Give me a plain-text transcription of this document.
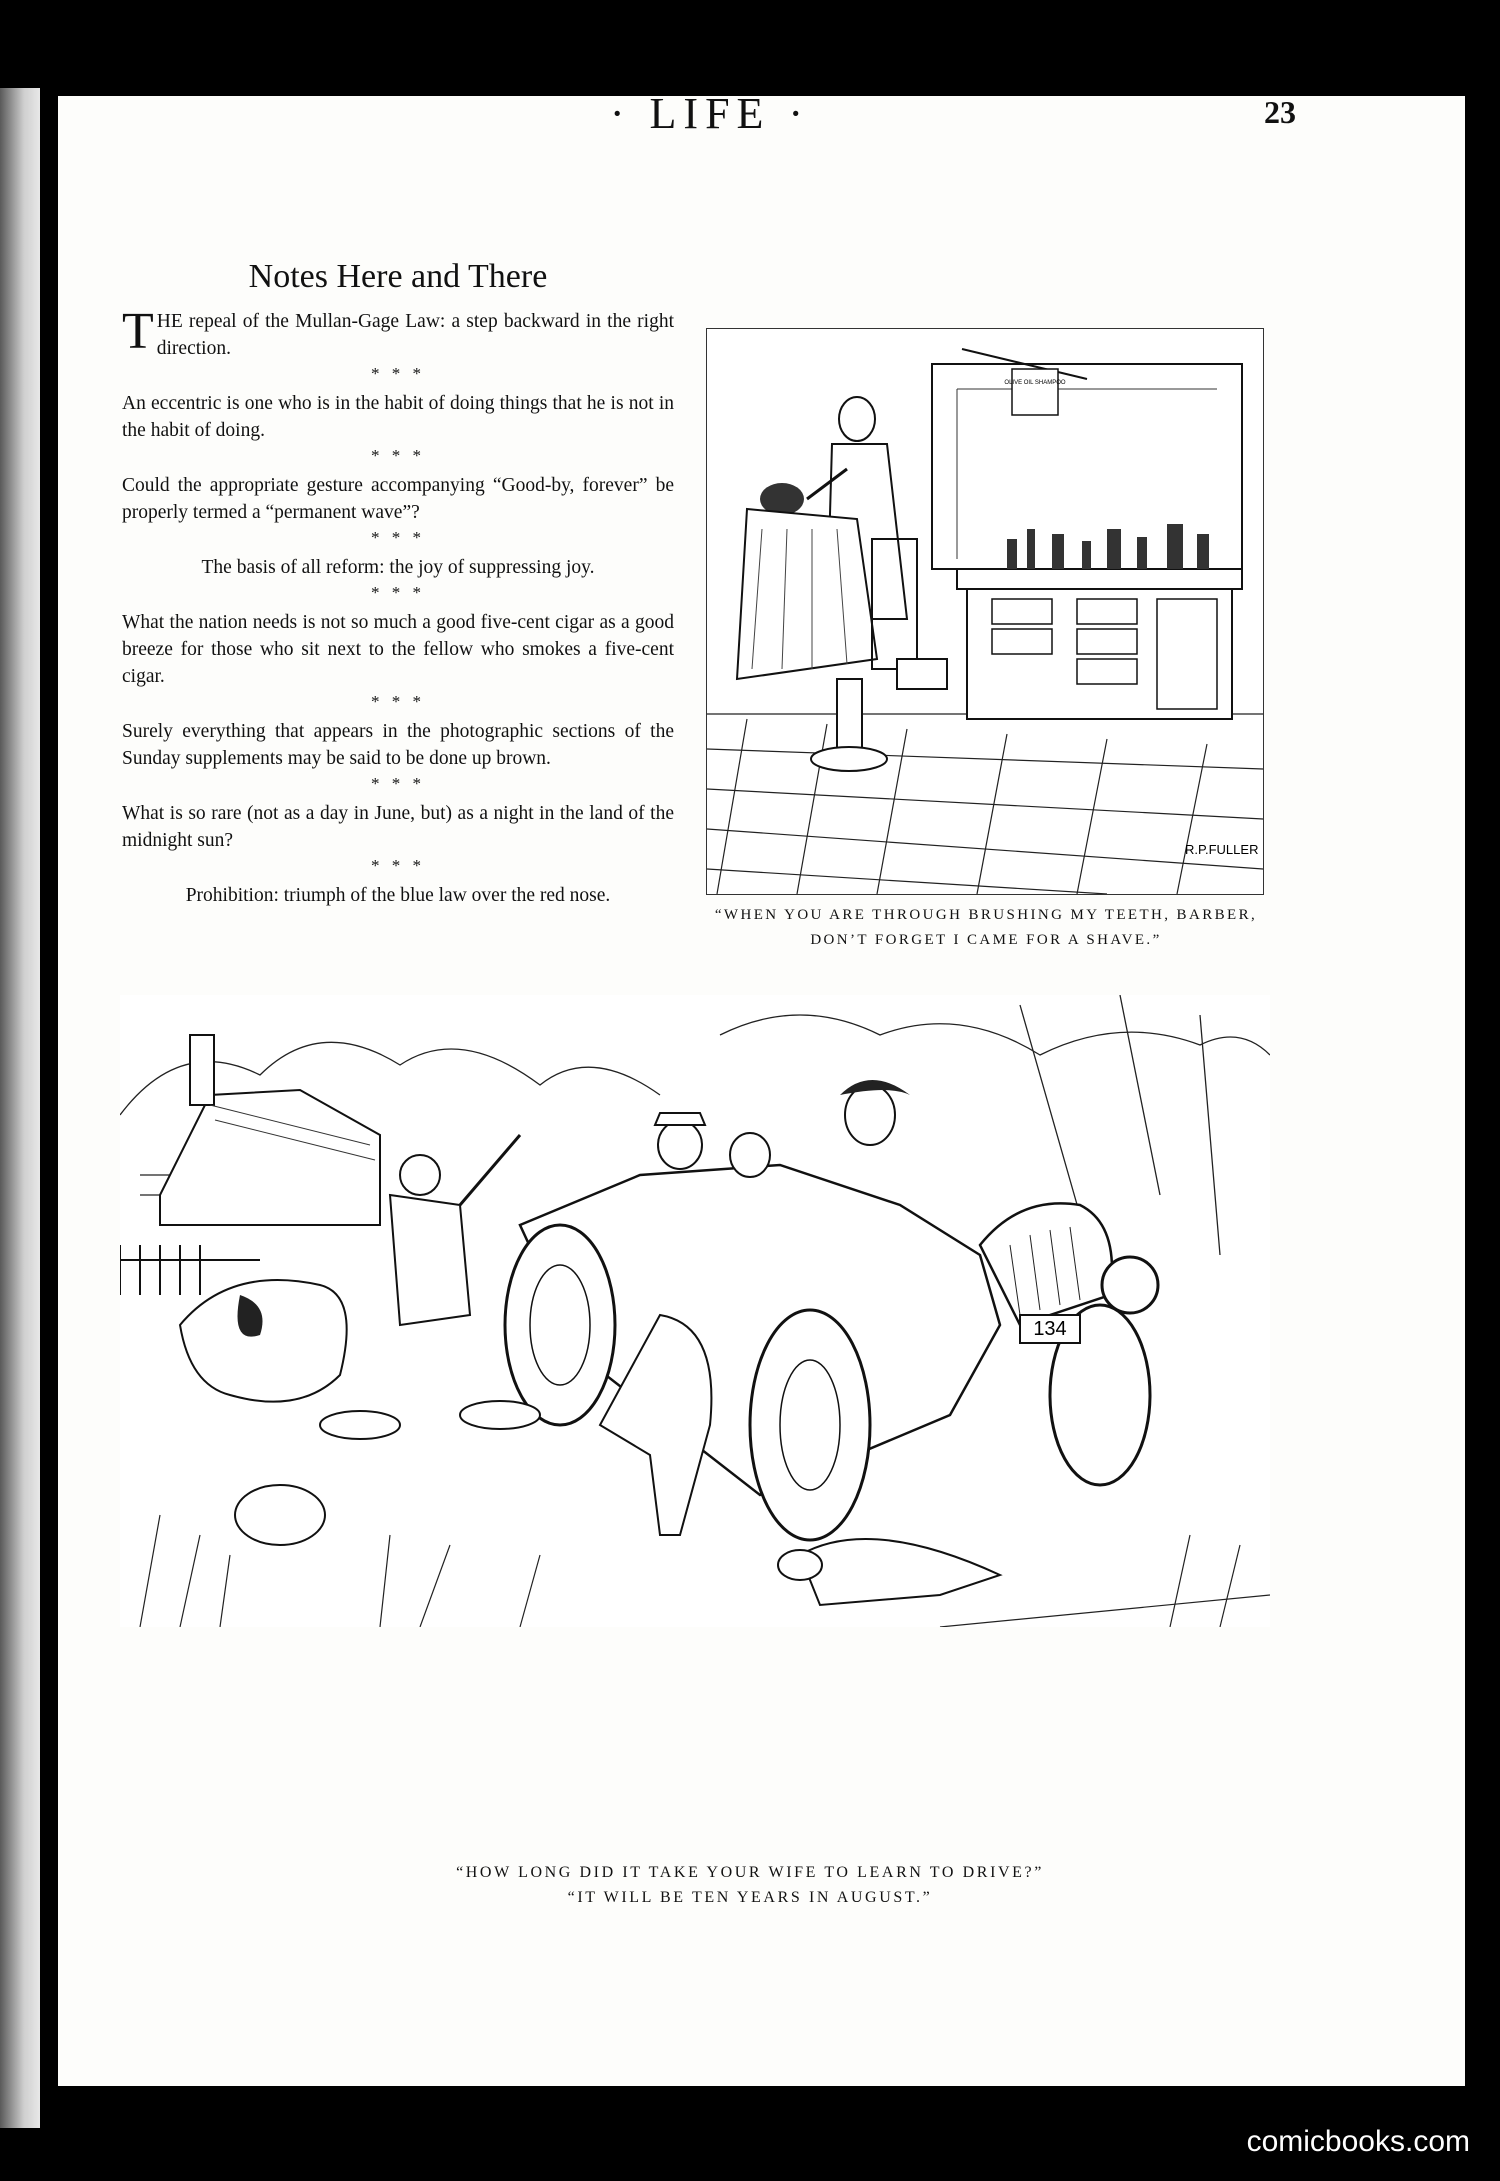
· LIFE ·	23
Notes Here and There

THE repeal of the Mullan-Gage Law: a step backward in the right direction.

* * *

An eccentric is one who is in the habit of doing things that he is not in the habit of doing.

* * *

Could the appropriate gesture accompanying “Good-by, forever” be properly termed a “permanent wave”?

* * *

The basis of all reform: the joy of suppressing joy.

* * *

What the nation needs is not so much a good five-cent cigar as a good breeze for those who sit next to the fellow who smokes a five-cent cigar.

* * *

Surely everything that appears in the photographic sections of the Sunday supplements may be said to be done up brown.

* * *

What is so rare (not as a day in June, but) as a night in the land of the midnight sun?

* * *

Prohibition: triumph of the blue law over the red nose.

OLIVE OIL SHAMPOO
R.P.FULLER
“WHEN YOU ARE THROUGH BRUSHING MY TEETH, BARBER, DON’T FORGET I CAME FOR A SHAVE.”
134
“HOW LONG DID IT TAKE YOUR WIFE TO LEARN TO DRIVE?”
“IT WILL BE TEN YEARS IN AUGUST.”
comicbooks.com
